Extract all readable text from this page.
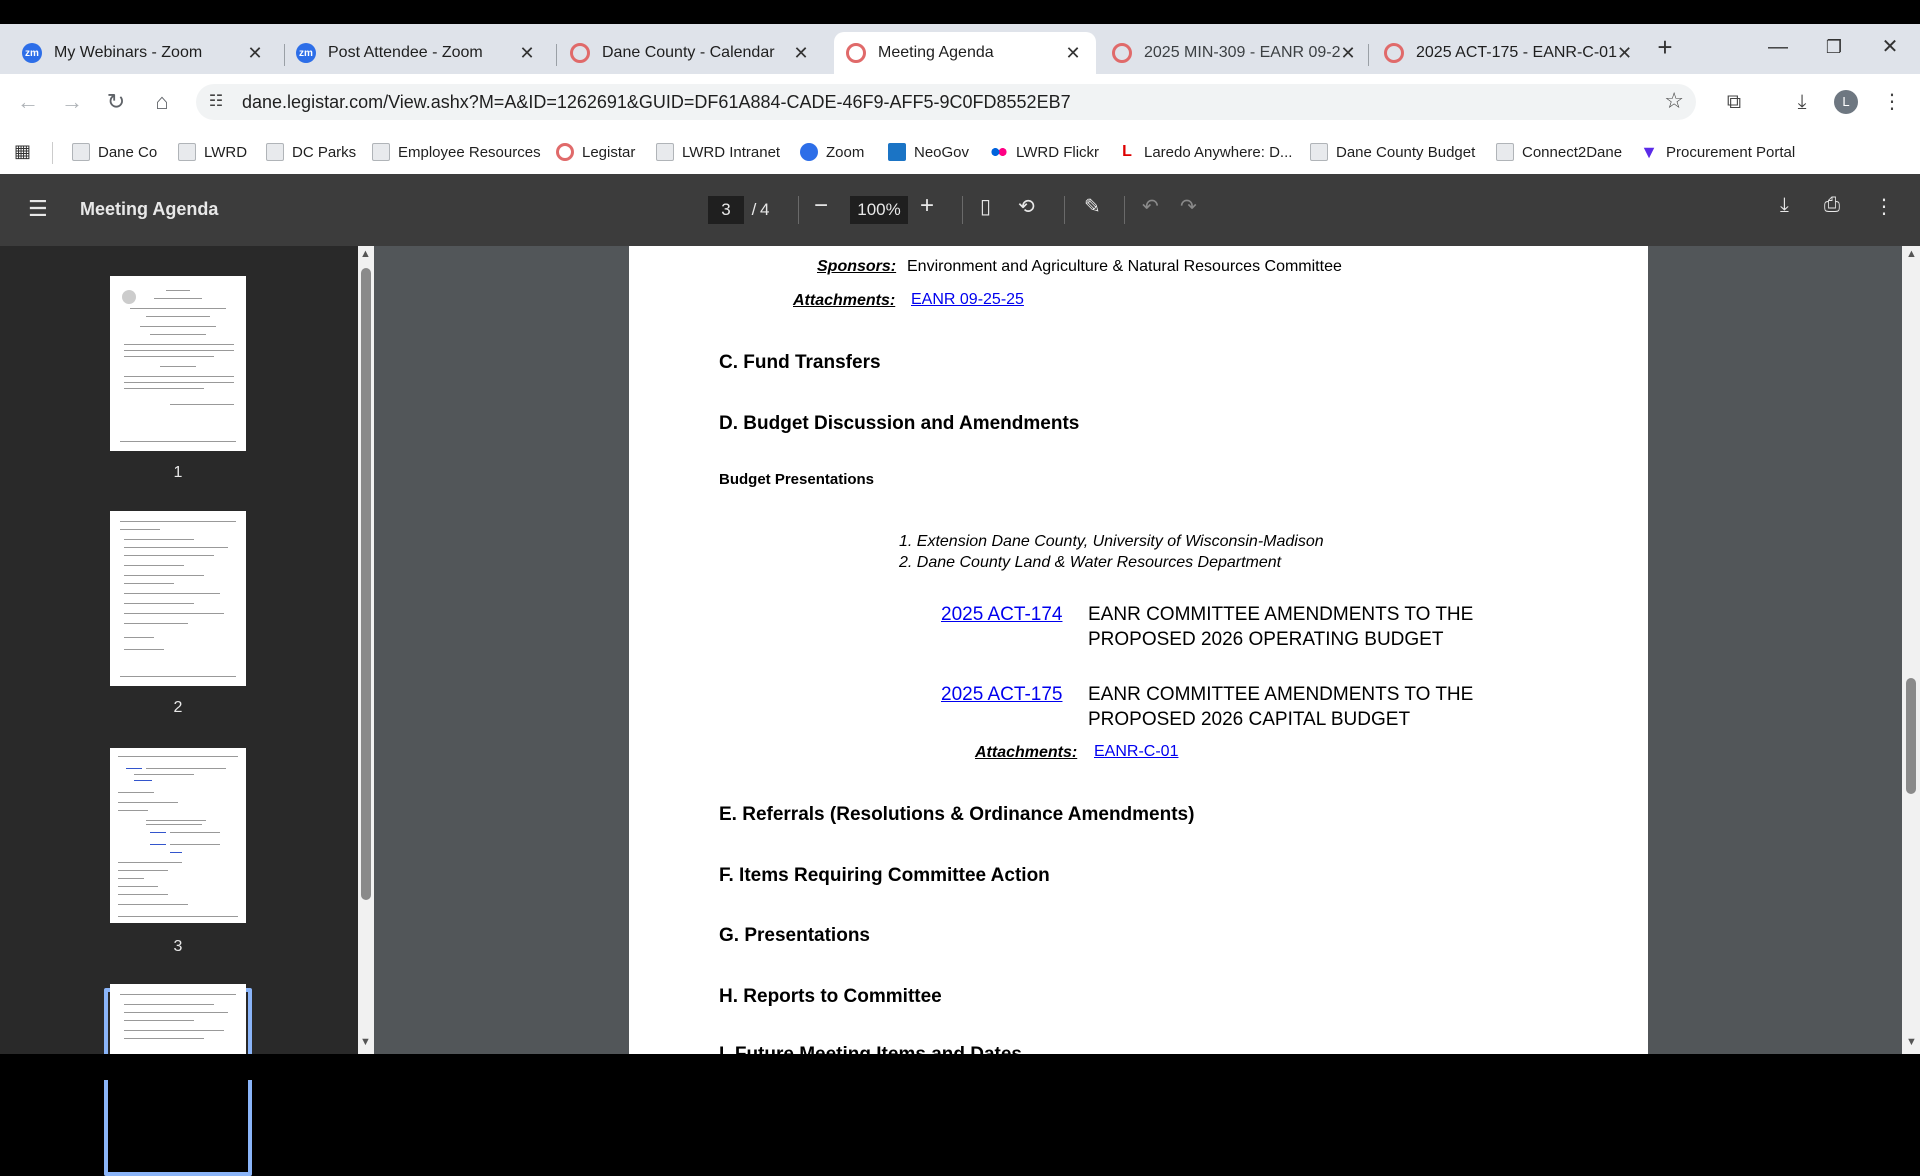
zm My Webinars - Zoom	✕	zm Post Attendee - Zoom	✕	Dane County - Calendar	✕	Meeting Agenda	✕	2025 MIN-309 - EANR 09-2 ✕	2025 ACT-175 - EANR-C-01 ✕ +	—	❐	✕
← →	↻	⌂	☷ dane.legistar.com/View.ashx?M=A&ID=1262691&GUID=DF61A884-CADE-46F9-AFF5-9C0FD8552EB7	☆	⧉	⤓	L	⋮
▦	Dane Co	LWRD	DC Parks	Employee Resources	Legistar	LWRD Intranet	Zoom	NeoGov	LWRD Flickr L Laredo Anywhere: D...	Dane County Budget	Connect2Dane ▼ Procurement Portal
☰ Meeting Agenda	3	/ 4 −	100% + ▯ ⟲ ✎ ↶ ↷	⤓ ⎙ ⋮
1
2
3
▲
▼
Sponsors: Environment and Agriculture & Natural Resources Committee
Attachments: EANR 09-25-25
C. Fund Transfers
D. Budget Discussion and Amendments
Budget Presentations
1. Extension Dane County, University of Wisconsin-Madison
2. Dane County Land & Water Resources Department
2025 ACT-174 EANR COMMITTEE AMENDMENTS TO THE
PROPOSED 2026 OPERATING BUDGET
2025 ACT-175 EANR COMMITTEE AMENDMENTS TO THE
PROPOSED 2026 CAPITAL BUDGET
Attachments: EANR-C-01
E. Referrals (Resolutions & Ordinance Amendments)
F. Items Requiring Committee Action
G. Presentations
H. Reports to Committee
▲
▼
